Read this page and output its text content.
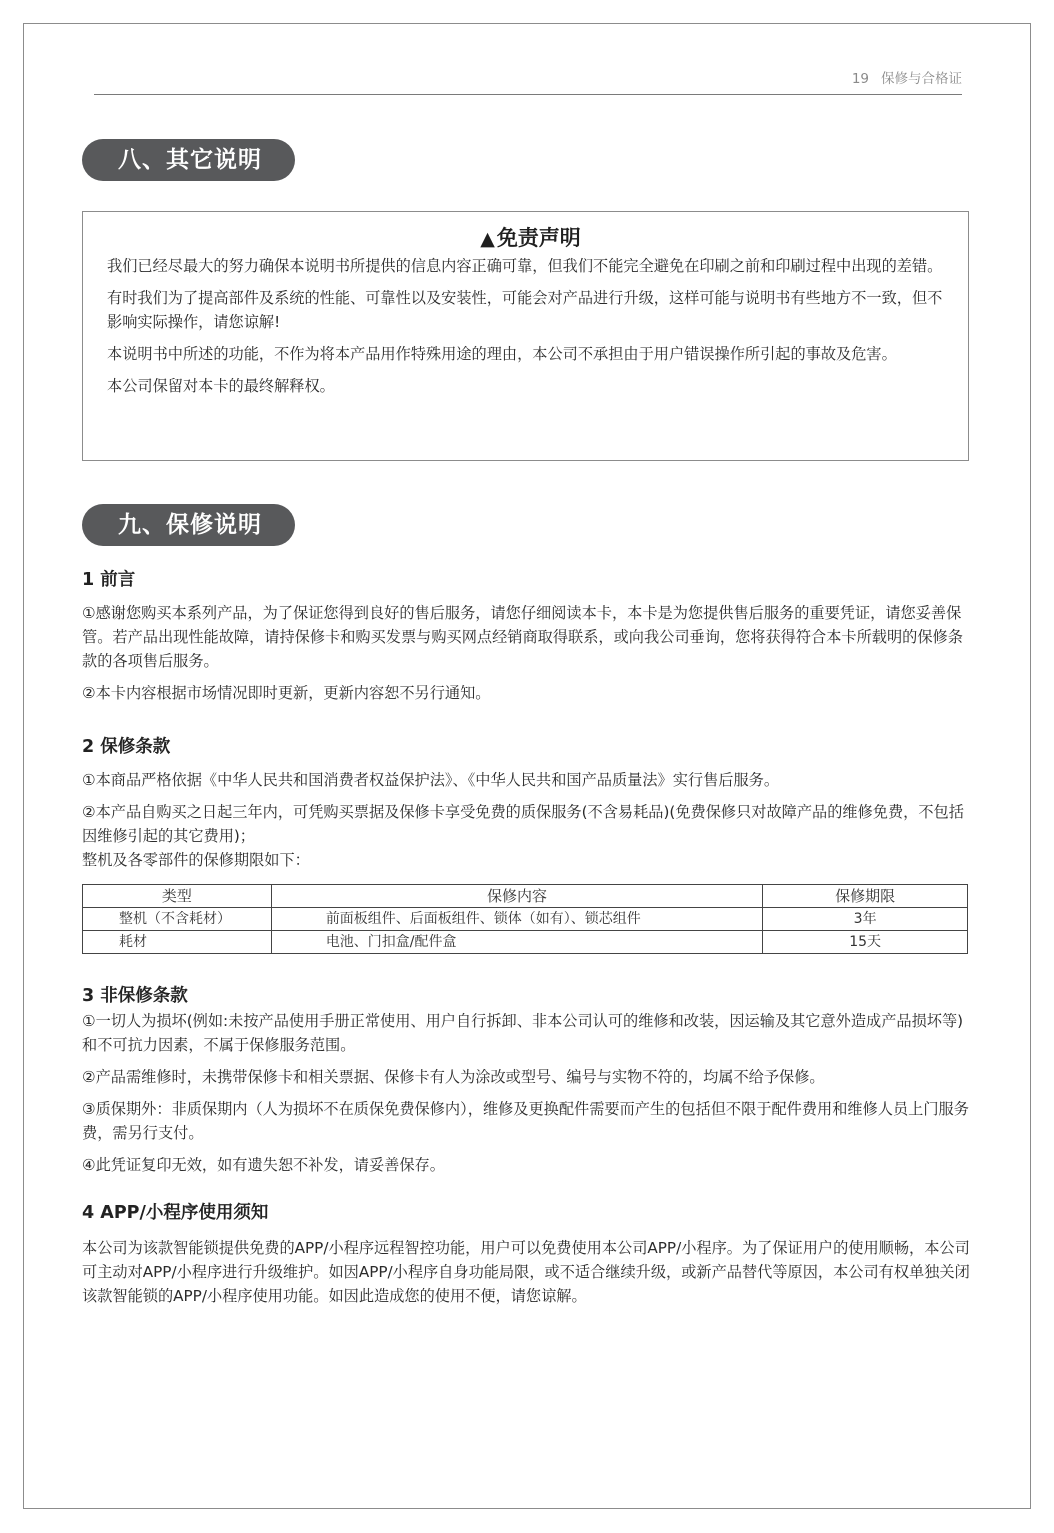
19 保修与合格证
八、其它说明
▲免责声明

我们已经尽最大的努力确保本说明书所提供的信息内容正确可靠，但我们不能完全避免在印刷之前和印刷过程中出现的差错。

有时我们为了提高部件及系统的性能、可靠性以及安装性，可能会对产品进行升级，这样可能与说明书有些地方不一致，但不影响实际操作，请您谅解!

本说明书中所述的功能，不作为将本产品用作特殊用途的理由，本公司不承担由于用户错误操作所引起的事故及危害。

本公司保留对本卡的最终解释权。

九、保修说明
1 前言

①感谢您购买本系列产品，为了保证您得到良好的售后服务，请您仔细阅读本卡，本卡是为您提供售后服务的重要凭证，请您妥善保管。若产品出现性能故障，请持保修卡和购买发票与购买网点经销商取得联系，或向我公司垂询，您将获得符合本卡所载明的保修条款的各项售后服务。

②本卡内容根据市场情况即时更新，更新内容恕不另行通知。

2 保修条款

①本商品严格依据《中华人民共和国消费者权益保护法》、《中华人民共和国产品质量法》实行售后服务。

②本产品自购买之日起三年内，可凭购买票据及保修卡享受免费的质保服务(不含易耗品)(免费保修只对故障产品的维修免费，不包括因维修引起的其它费用)；

整机及各零部件的保修期限如下：

类型	保修内容	保修期限
整机（不含耗材）	前面板组件、后面板组件、锁体（如有）、锁芯组件	3年
耗材	电池、门扣盒/配件盒	15天
3 非保修条款

①一切人为损坏(例如:未按产品使用手册正常使用、用户自行拆卸、非本公司认可的维修和改装，因运输及其它意外造成产品损坏等)和不可抗力因素，不属于保修服务范围。

②产品需维修时，未携带保修卡和相关票据、保修卡有人为涂改或型号、编号与实物不符的，均属不给予保修。

③质保期外：非质保期内（人为损坏不在质保免费保修内），维修及更换配件需要而产生的包括但不限于配件费用和维修人员上门服务费，需另行支付。

④此凭证复印无效，如有遗失恕不补发，请妥善保存。

4 APP/小程序使用须知

本公司为该款智能锁提供免费的APP/小程序远程智控功能，用户可以免费使用本公司APP/小程序。为了保证用户的使用顺畅，本公司可主动对APP/小程序进行升级维护。如因APP/小程序自身功能局限，或不适合继续升级，或新产品替代等原因，本公司有权单独关闭该款智能锁的APP/小程序使用功能。如因此造成您的使用不便，请您谅解。
